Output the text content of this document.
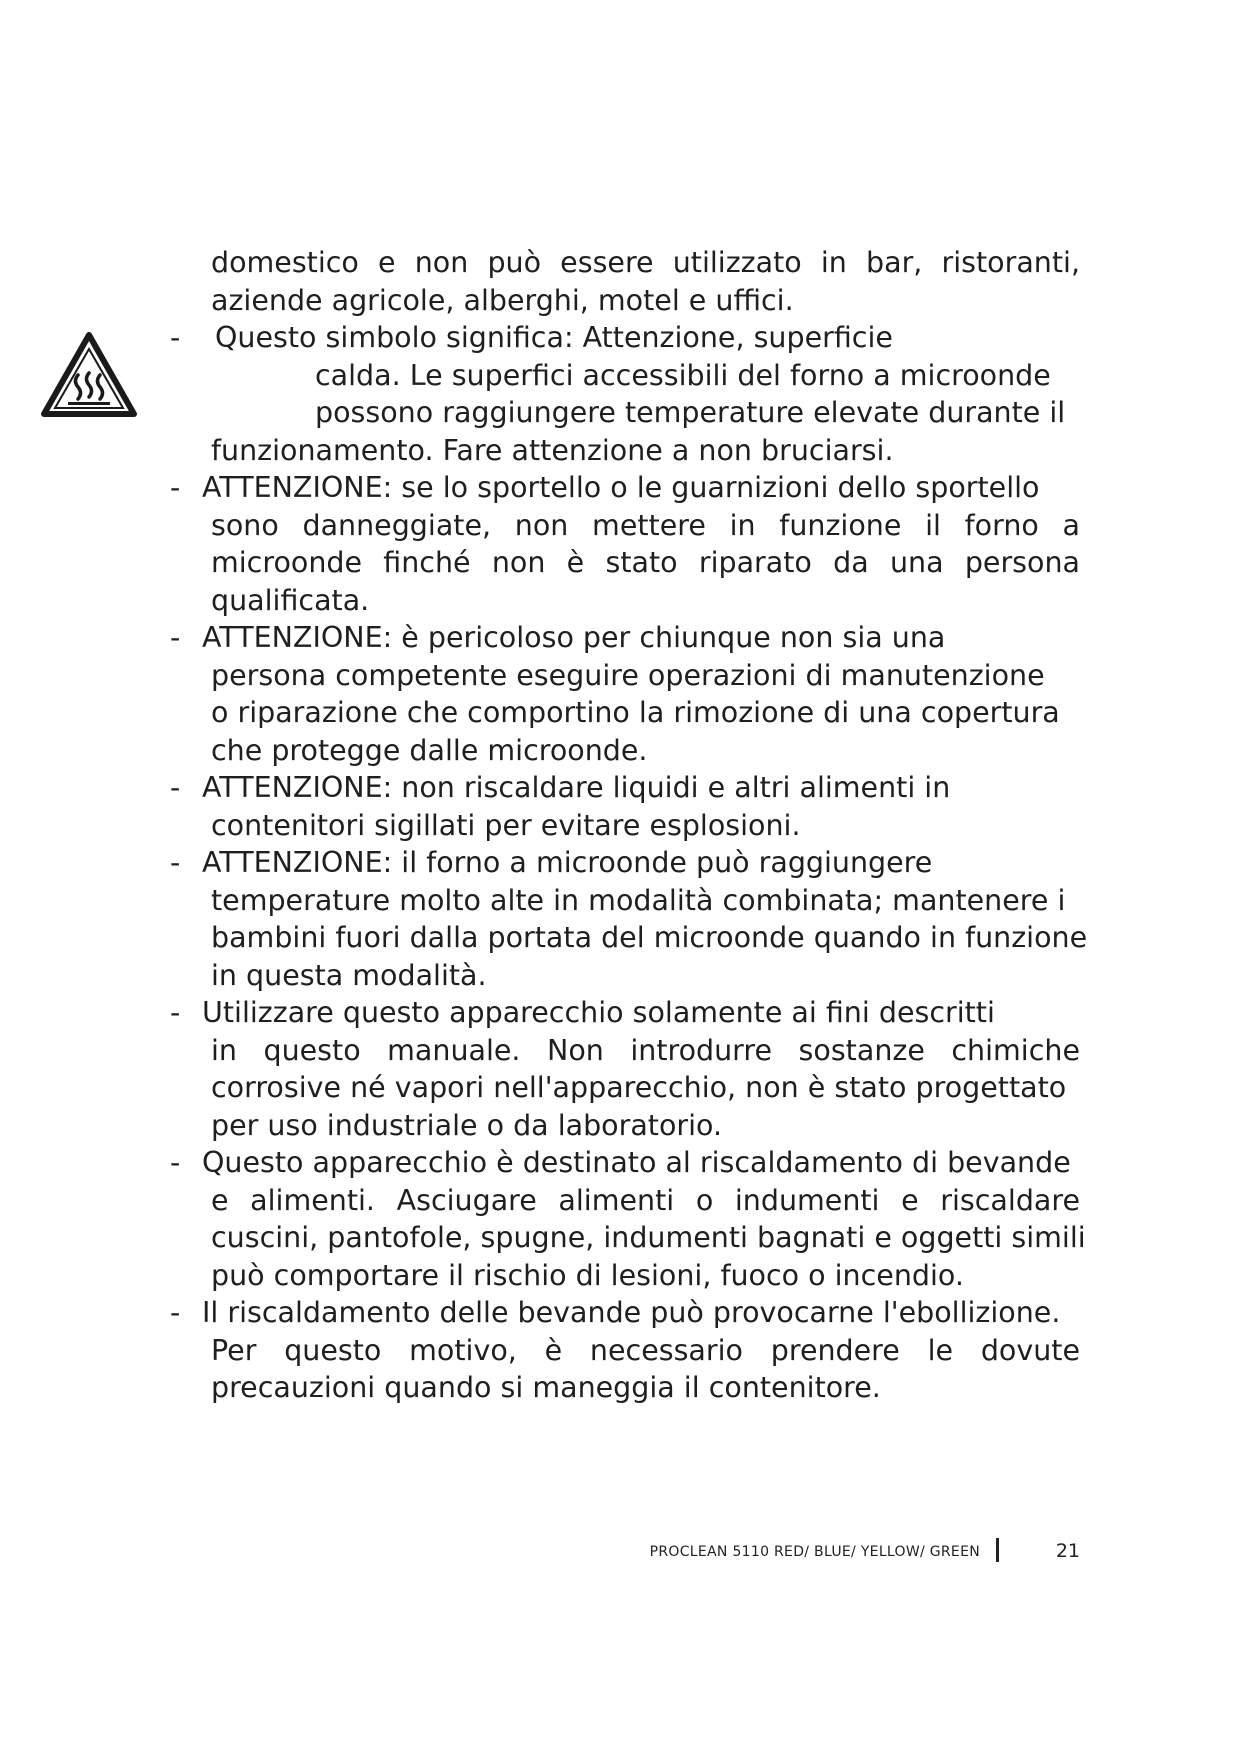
domestico e non può essere utilizzato in bar, ristoranti,
aziende agricole, alberghi, motel e uffici.
- Questo simbolo significa: Attenzione, superficie
calda. Le superfici accessibili del forno a microonde
possono raggiungere temperature elevate durante il
funzionamento. Fare attenzione a non bruciarsi.
- ATTENZIONE: se lo sportello o le guarnizioni dello sportello
sono danneggiate, non mettere in funzione il forno a
microonde finché non è stato riparato da una persona
qualificata.
- ATTENZIONE: è pericoloso per chiunque non sia una
persona competente eseguire operazioni di manutenzione
o riparazione che comportino la rimozione di una copertura
che protegge dalle microonde.
- ATTENZIONE: non riscaldare liquidi e altri alimenti in
contenitori sigillati per evitare esplosioni.
- ATTENZIONE: il forno a microonde può raggiungere
temperature molto alte in modalità combinata; mantenere i
bambini fuori dalla portata del microonde quando in funzione
in questa modalità.
- Utilizzare questo apparecchio solamente ai fini descritti
in questo manuale. Non introdurre sostanze chimiche
corrosive né vapori nell'apparecchio, non è stato progettato
per uso industriale o da laboratorio.
- Questo apparecchio è destinato al riscaldamento di bevande
e alimenti. Asciugare alimenti o indumenti e riscaldare
cuscini, pantofole, spugne, indumenti bagnati e oggetti simili
può comportare il rischio di lesioni, fuoco o incendio.
- Il riscaldamento delle bevande può provocarne l'ebollizione.
Per questo motivo, è necessario prendere le dovute
precauzioni quando si maneggia il contenitore.
PROCLEAN 5110 RED/ BLUE/ YELLOW/ GREEN	21
